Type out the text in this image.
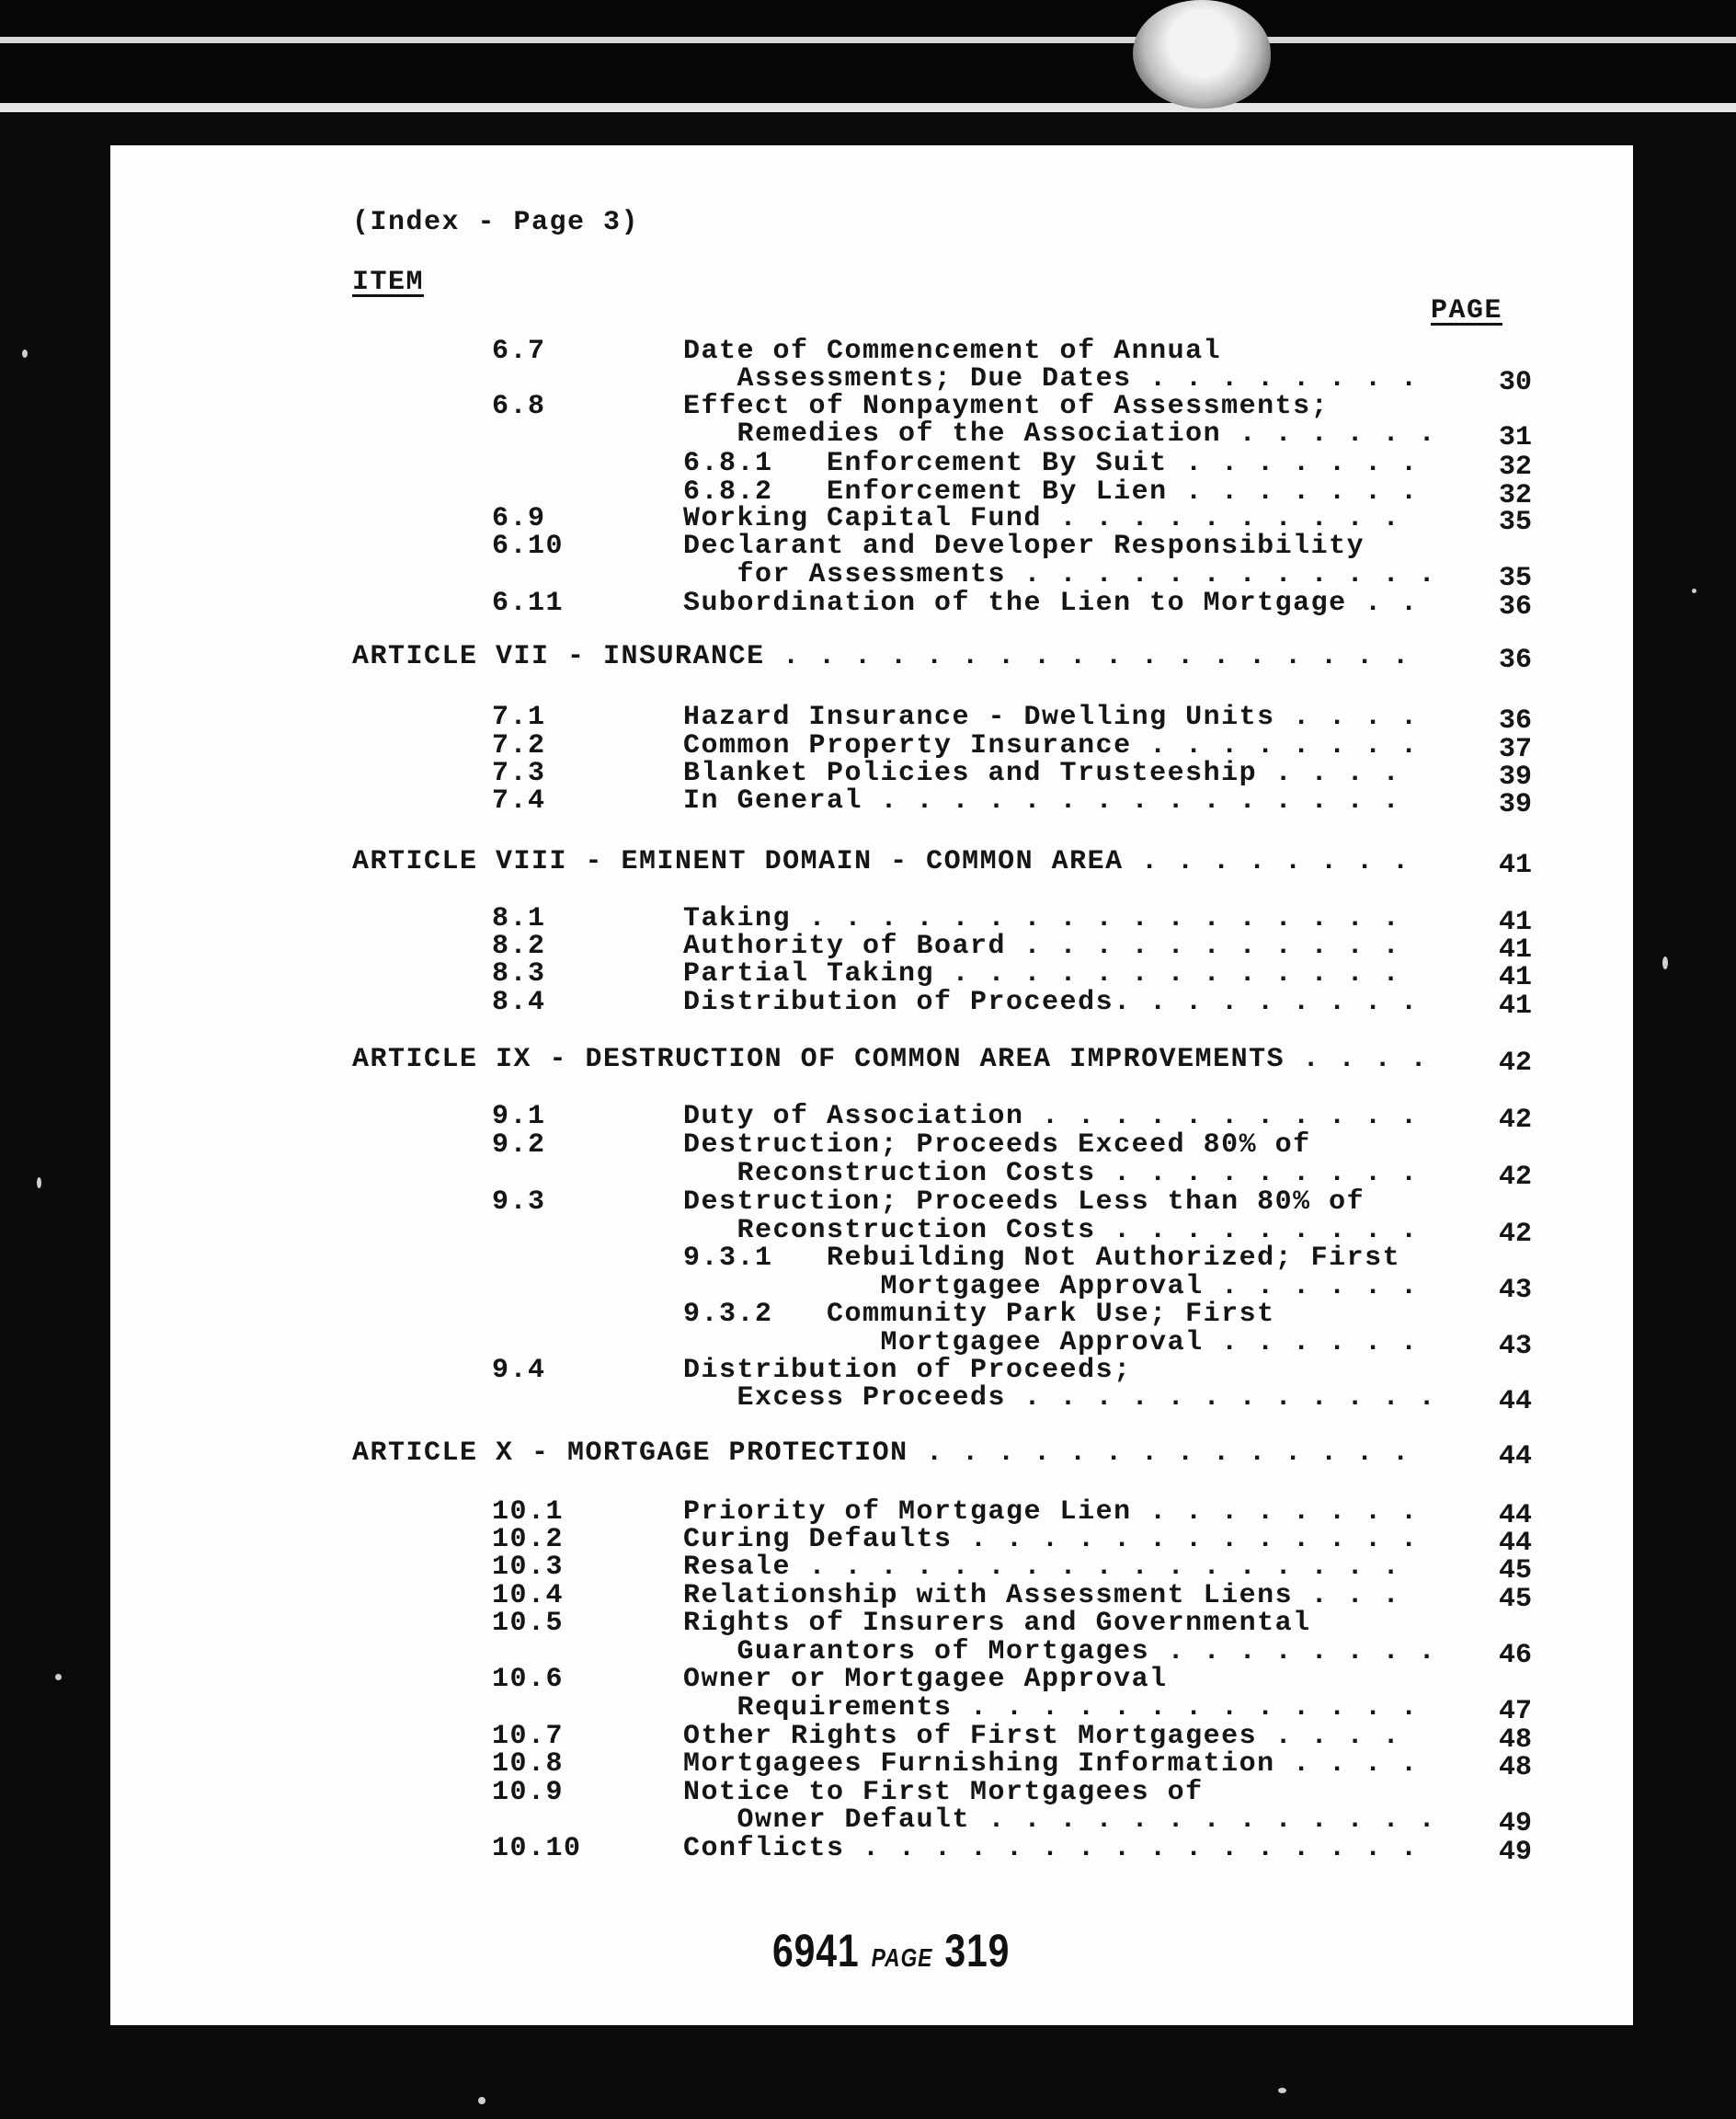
(Index - Page 3)
ITEM
PAGE
6.7	Date of Commencement of Annual
Assessments; Due Dates . . . . . . . .	30
6.8	Effect of Nonpayment of Assessments;
Remedies of the Association . . . . . .	31
6.8.1   Enforcement By Suit . . . . . . .	32
6.8.2   Enforcement By Lien . . . . . . .	32
6.9	Working Capital Fund . . . . . . . . . .	35
6.10	Declarant and Developer Responsibility
for Assessments . . . . . . . . . . . .	35
6.11	Subordination of the Lien to Mortgage . .	36
ARTICLE VII - INSURANCE . . . . . . . . . . . . . . . . . .	36
7.1	Hazard Insurance - Dwelling Units . . . .	36
7.2	Common Property Insurance . . . . . . . .	37
7.3	Blanket Policies and Trusteeship . . . .	39
7.4	In General . . . . . . . . . . . . . . .	39
ARTICLE VIII - EMINENT DOMAIN - COMMON AREA . . . . . . . .	41
8.1	Taking . . . . . . . . . . . . . . . . .	41
8.2	Authority of Board . . . . . . . . . . .	41
8.3	Partial Taking . . . . . . . . . . . . .	41
8.4	Distribution of Proceeds. . . . . . . . .	41
ARTICLE IX - DESTRUCTION OF COMMON AREA IMPROVEMENTS . . . .	42
9.1	Duty of Association . . . . . . . . . . .	42
9.2	Destruction; Proceeds Exceed 80% of
Reconstruction Costs . . . . . . . . .	42
9.3	Destruction; Proceeds Less than 80% of
Reconstruction Costs . . . . . . . . .	42
9.3.1   Rebuilding Not Authorized; First
Mortgagee Approval . . . . . .	43
9.3.2   Community Park Use; First
Mortgagee Approval . . . . . .	43
9.4	Distribution of Proceeds;
Excess Proceeds . . . . . . . . . . . .	44
ARTICLE X - MORTGAGE PROTECTION . . . . . . . . . . . . . .	44
10.1	Priority of Mortgage Lien . . . . . . . .	44
10.2	Curing Defaults . . . . . . . . . . . . .	44
10.3	Resale . . . . . . . . . . . . . . . . .	45
10.4	Relationship with Assessment Liens . . .	45
10.5	Rights of Insurers and Governmental
Guarantors of Mortgages . . . . . . . .	46
10.6	Owner or Mortgagee Approval
Requirements . . . . . . . . . . . . .	47
10.7	Other Rights of First Mortgagees . . . .	48
10.8	Mortgagees Furnishing Information . . . .	48
10.9	Notice to First Mortgagees of
Owner Default . . . . . . . . . . . . .	49
10.10	Conflicts . . . . . . . . . . . . . . . .	49
6941 PAGE 319
